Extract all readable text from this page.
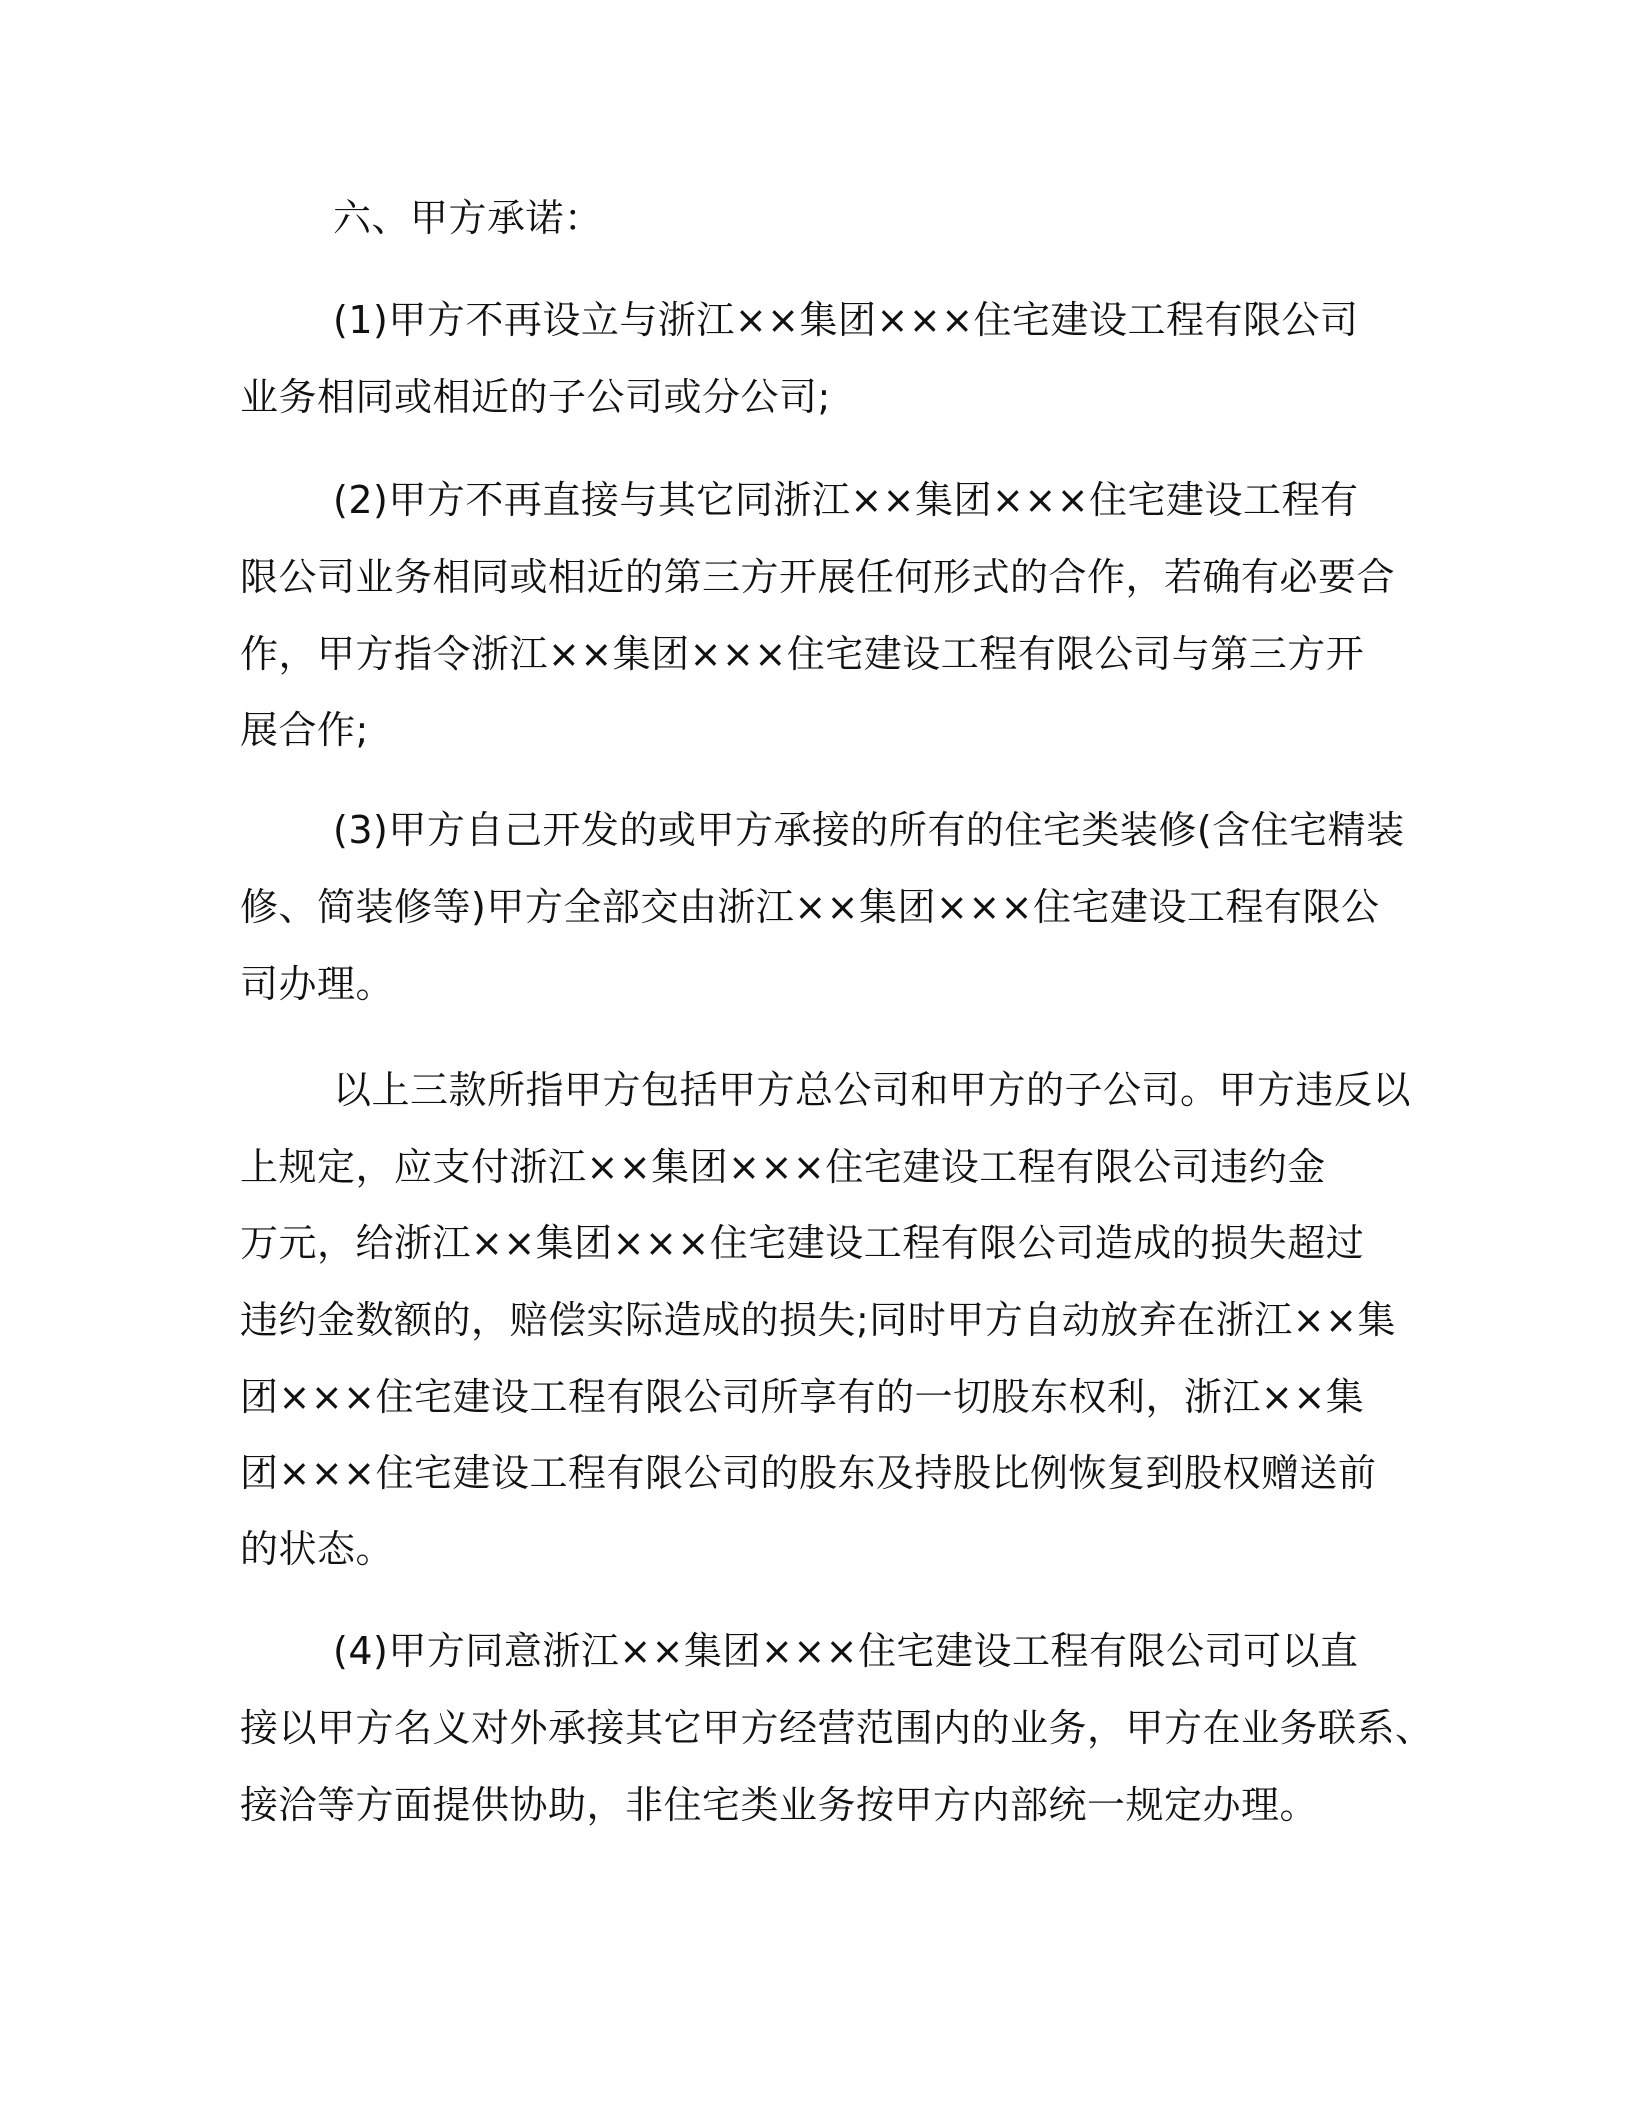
六、甲方承诺：
(1)甲方不再设立与浙江××集团×××住宅建设工程有限公司
业务相同或相近的子公司或分公司;
(2)甲方不再直接与其它同浙江××集团×××住宅建设工程有
限公司业务相同或相近的第三方开展任何形式的合作，若确有必要合
作，甲方指令浙江××集团×××住宅建设工程有限公司与第三方开
展合作;
(3)甲方自己开发的或甲方承接的所有的住宅类装修(含住宅精装
修、简装修等)甲方全部交由浙江××集团×××住宅建设工程有限公
司办理。
以上三款所指甲方包括甲方总公司和甲方的子公司。甲方违反以
上规定，应支付浙江××集团×××住宅建设工程有限公司违约金
万元，给浙江××集团×××住宅建设工程有限公司造成的损失超过
违约金数额的，赔偿实际造成的损失;同时甲方自动放弃在浙江××集
团×××住宅建设工程有限公司所享有的一切股东权利，浙江××集
团×××住宅建设工程有限公司的股东及持股比例恢复到股权赠送前
的状态。
(4)甲方同意浙江××集团×××住宅建设工程有限公司可以直
接以甲方名义对外承接其它甲方经营范围内的业务，甲方在业务联系、
接洽等方面提供协助，非住宅类业务按甲方内部统一规定办理。
